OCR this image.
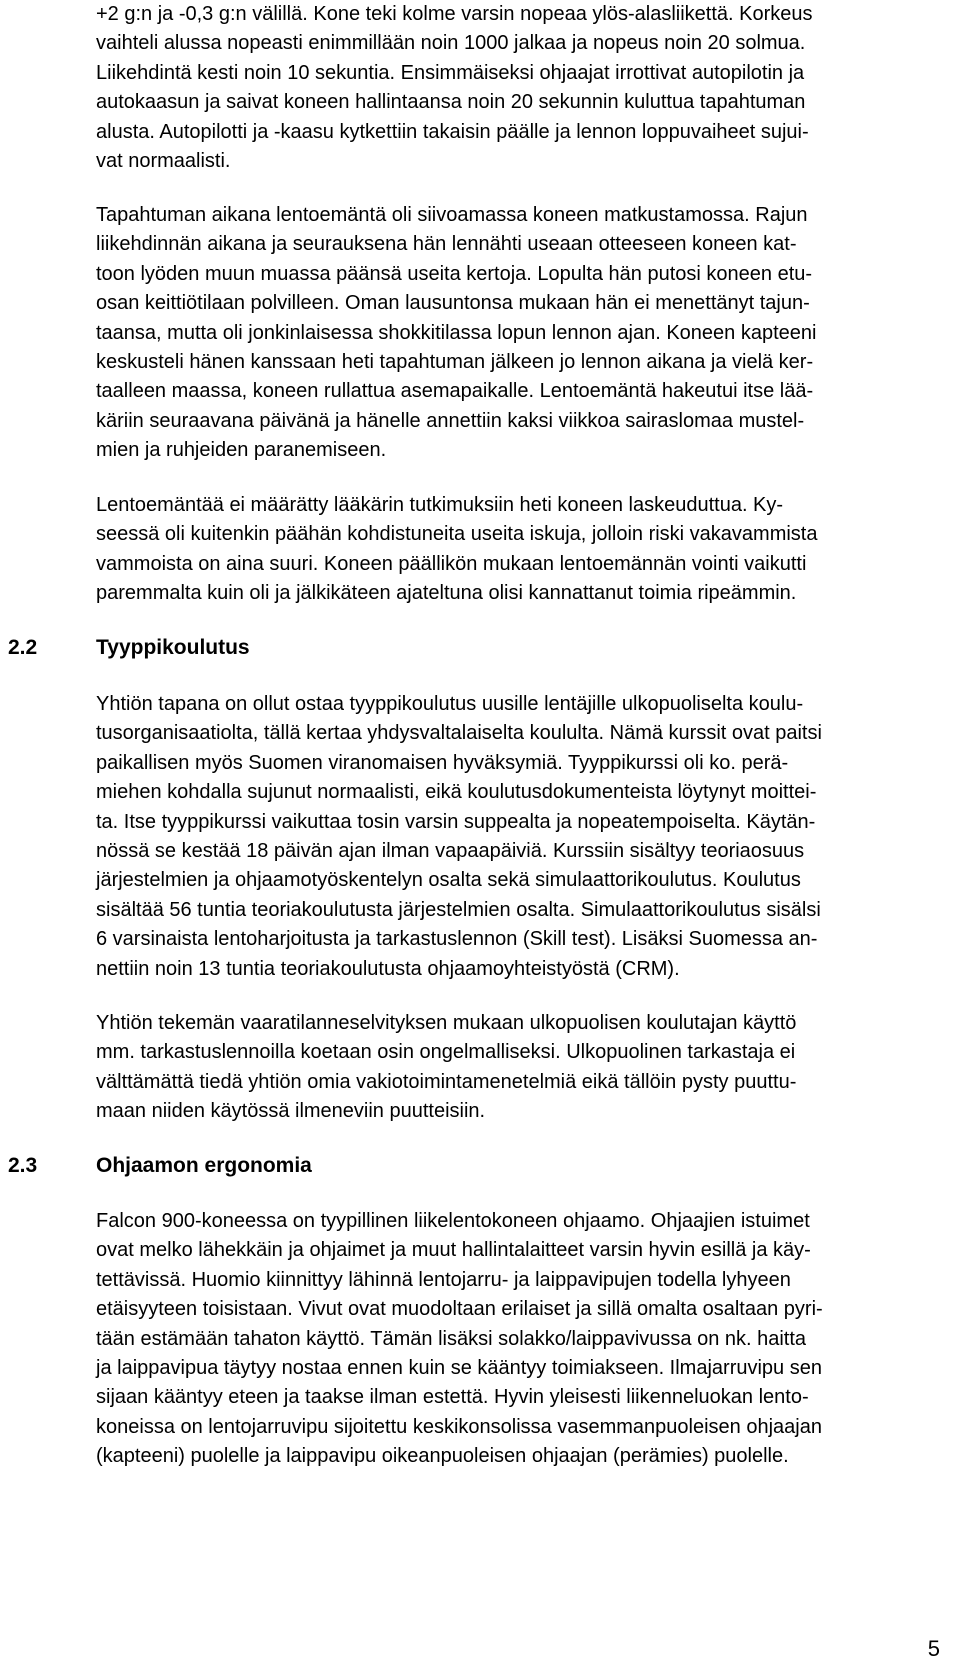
+2 g:n ja -0,3 g:n välillä. Kone teki kolme varsin nopeaa ylös-alasliikettä. Korkeus
vaihteli alussa nopeasti enimmillään noin 1000 jalkaa ja nopeus noin 20 solmua.
Liikehdintä kesti noin 10 sekuntia. Ensimmäiseksi ohjaajat irrottivat autopilotin ja
autokaasun ja saivat koneen hallintaansa noin 20 sekunnin kuluttua tapahtuman
alusta. Autopilotti ja -kaasu kytkettiin takaisin päälle ja lennon loppuvaiheet sujui-
vat normaalisti.
Tapahtuman aikana lentoemäntä oli siivoamassa koneen matkustamossa. Rajun
liikehdinnän aikana ja seurauksena hän lennähti useaan otteeseen koneen kat-
toon lyöden muun muassa päänsä useita kertoja. Lopulta hän putosi koneen etu-
osan keittiötilaan polvilleen. Oman lausuntonsa mukaan hän ei menettänyt tajun-
taansa, mutta oli jonkinlaisessa shokkitilassa lopun lennon ajan. Koneen kapteeni
keskusteli hänen kanssaan heti tapahtuman jälkeen jo lennon aikana ja vielä ker-
taalleen maassa, koneen rullattua asemapaikalle. Lentoemäntä hakeutui itse lää-
käriin seuraavana päivänä ja hänelle annettiin kaksi viikkoa sairaslomaa mustel-
mien ja ruhjeiden paranemiseen.
Lentoemäntää ei määrätty lääkärin tutkimuksiin heti koneen laskeuduttua. Ky-
seessä oli kuitenkin päähän kohdistuneita useita iskuja, jolloin riski vakavammista
vammoista on aina suuri. Koneen päällikön mukaan lentoemännän vointi vaikutti
paremmalta kuin oli ja jälkikäteen ajateltuna olisi kannattanut toimia ripeämmin.
2.2	Tyyppikoulutus
Yhtiön tapana on ollut ostaa tyyppikoulutus uusille lentäjille ulkopuoliselta koulu-
tusorganisaatiolta, tällä kertaa yhdysvaltalaiselta koululta. Nämä kurssit ovat paitsi
paikallisen myös Suomen viranomaisen hyväksymiä. Tyyppikurssi oli ko. perä-
miehen kohdalla sujunut normaalisti, eikä koulutusdokumenteista löytynyt moittei-
ta. Itse tyyppikurssi vaikuttaa tosin varsin suppealta ja nopeatempoiselta. Käytän-
nössä se kestää 18 päivän ajan ilman vapaapäiviä. Kurssiin sisältyy teoriaosuus
järjestelmien ja ohjaamotyöskentelyn osalta sekä simulaattorikoulutus. Koulutus
sisältää 56 tuntia teoriakoulutusta järjestelmien osalta. Simulaattorikoulutus sisälsi
6 varsinaista lentoharjoitusta ja tarkastuslennon (Skill test). Lisäksi Suomessa an-
nettiin noin 13 tuntia teoriakoulutusta ohjaamoyhteistyöstä (CRM).
Yhtiön tekemän vaaratilanneselvityksen mukaan ulkopuolisen koulutajan käyttö
mm. tarkastuslennoilla koetaan osin ongelmalliseksi. Ulkopuolinen tarkastaja ei
välttämättä tiedä yhtiön omia vakiotoimintamenetelmiä eikä tällöin pysty puuttu-
maan niiden käytössä ilmeneviin puutteisiin.
2.3	Ohjaamon ergonomia
Falcon 900-koneessa on tyypillinen liikelentokoneen ohjaamo. Ohjaajien istuimet
ovat melko lähekkäin ja ohjaimet ja muut hallintalaitteet varsin hyvin esillä ja käy-
tettävissä. Huomio kiinnittyy lähinnä lentojarru- ja laippavipujen todella lyhyeen
etäisyyteen toisistaan. Vivut ovat muodoltaan erilaiset ja sillä omalta osaltaan pyri-
tään estämään tahaton käyttö. Tämän lisäksi solakko/laippavivussa on nk. haitta
ja laippavipua täytyy nostaa ennen kuin se kääntyy toimiakseen. Ilmajarruvipu sen
sijaan kääntyy eteen ja taakse ilman estettä. Hyvin yleisesti liikenneluokan lento-
koneissa on lentojarruvipu sijoitettu keskikonsolissa vasemmanpuoleisen ohjaajan
(kapteeni) puolelle ja laippavipu oikeanpuoleisen ohjaajan (perämies) puolelle.
5
